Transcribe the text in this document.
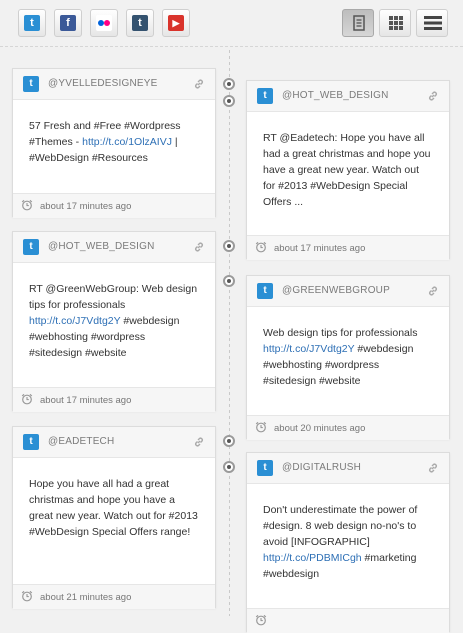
t	f	t	▶
t	@YVELLEDESIGNEYE
57 Fresh and #Free #Wordpress #Themes - http://t.co/1OlzAIVJ | #WebDesign #Resources
about 17 minutes ago
t	@HOT_WEB_DESIGN
RT @Eadetech: Hope you have all had a great christmas and hope you have a great new year. Watch out for #2013 #WebDesign Special Offers ...
about 17 minutes ago
t	@HOT_WEB_DESIGN
RT @GreenWebGroup: Web design tips for professionals http://t.co/J7Vdtg2Y #webdesign #webhosting #wordpress #sitedesign #website
about 17 minutes ago
t	@GREENWEBGROUP
Web design tips for professionals http://t.co/J7Vdtg2Y #webdesign #webhosting #wordpress #sitedesign #website
about 20 minutes ago
t	@EADETECH
Hope you have all had a great christmas and hope you have a great new year. Watch out for #2013 #WebDesign Special Offers range!
about 21 minutes ago
t	@DIGITALRUSH
Don't underestimate the power of #design. 8 web design no-no's to avoid [INFOGRAPHIC] http://t.co/PDBMICgh #marketing #webdesign
